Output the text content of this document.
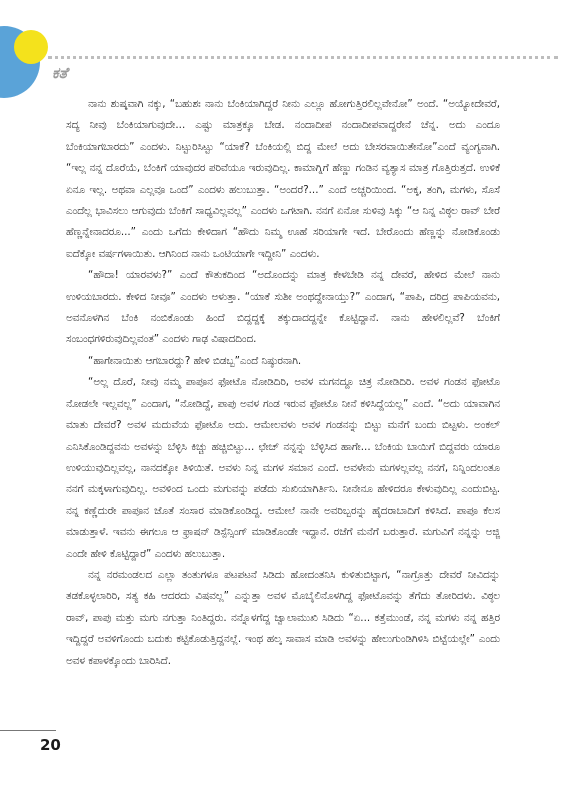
ಕತೆ

ನಾನು ಶುಷ್ಕವಾಗಿ ನಕ್ಕು, “ಬಹುಶಃ ನಾನು ಬೆಂಕಿಯಾಗಿದ್ದರೆ ನೀನು ಎಲ್ಲೂ ಹೋಗುತ್ತಿರಲಿಲ್ಲವೇನೋ” ಅಂದೆ. “ಅಯ್ಯೋದೇವರೆ, ಸದ್ಯ ನೀವು ಬೆಂಕಿಯಾಗುವುದೇ... ಎಷ್ಟು ಮಾತ್ರಕ್ಕೂ ಬೇಡ. ನಂದಾದೀಪ ನಂದಾದೀಪವಾದ್ದರೇನೆ ಚೆನ್ನ. ಅದು ಎಂದೂ ಬೆಂಕಿಯಾಗಬಾರದು” ಎಂದಳು. ನಿಟ್ಟುರಿಸಿಟ್ಟು “ಯಾಕೆ? ಬೆಂಕಿಯಲ್ಲಿ ಬಿದ್ದ ಮೇಲೆ ಅದು ಬೇಸರವಾಯಿತೇನೋ”ಎಂದೆ ವ್ಯಂಗ್ಯವಾಗಿ. “ಇಲ್ಲ ನನ್ನ ದೊರೆಯೆ, ಬೆಂಕಿಗೆ ಯಾವುದರ ಪರಿವೆಯೂ ಇರುವುದಿಲ್ಲ. ಕಾಮಾಗ್ನಿಗೆ ಹೆಣ್ಣು ಗಂಡಿನ ವ್ಯತ್ಯಾಸ ಮಾತ್ರ ಗೊತ್ತಿರುತ್ತದೆ. ಉಳಿಕೆ ಏನೂ ಇಲ್ಲ. ಅಥವಾ ಎಲ್ಲವೂ ಒಂದೆ” ಎಂದಳು ಹಲುಬುತ್ತಾ. “ಅಂದರೆ?...” ಎಂದೆ ಅಚ್ಚರಿಯಿಂದ. “ಅಕ್ಕ, ತಂಗಿ, ಮಗಳು, ಸೊಸೆ ಎಂದೆಲ್ಲ ಭಾವಿಸಲು ಆಗುವುದು ಬೆಂಕಿಗೆ ಸಾಧ್ಯವಿಲ್ಲವಲ್ಲ” ಎಂದಳು ಒಗಟಾಗಿ. ನನಗೆ ಏನೋ ಸುಳಿವು ಸಿಕ್ಕು “ಆ ನಿನ್ನ ವಿಠ್ಠಲ ರಾವ್ ಬೇರೆ ಹೆಣ್ಣನ್ನೇನಾದರೂ...” ಎಂದು ಒಗೆದು ಕೇಳಿದಾಗ “ಹೌದು ನಿಮ್ಮ ಊಹೆ ಸರಿಯಾಗೇ ಇದೆ. ಬೇರೊಂದು ಹೆಣ್ಣನ್ನು ನೋಡಿಕೊಂಡು ಐದೆಕ್ಕೋ ವರ್ಷಗಳಾಯಿತು. ಆಗಿನಿಂದ ನಾನು ಒಂಟಿಯಾಗೇ ಇದ್ದೀನಿ” ಎಂದಳು.

“ಹೌದಾ! ಯಾರವಳು?” ಎಂದೆ ಕೌತುಕದಿಂದ “ಅದೊಂದನ್ನು ಮಾತ್ರ ಕೇಳಬೇಡಿ ನನ್ನ ದೇವರೆ, ಹೇಳಿದ ಮೇಲೆ ನಾನು ಉಳಿಯಬಾರದು. ಕೇಳಿದ ನೀವೂ” ಎಂದಳು ಅಳುತ್ತಾ. “ಯಾಕೆ ಸುಶೀ ಅಂಥದ್ದೇನಾಯ್ತು?” ಎಂದಾಗ, “ಪಾಪಿ, ದರಿದ್ರ ಪಾಪಿಯವನು, ಅವನೊಳಗಿನ ಬೆಂಕಿ ನಂಬಿಕೊಂಡು ಹಿಂದೆ ಬಿದ್ದದ್ದಕ್ಕೆ ತಕ್ಕುದಾದದ್ದನ್ನೇ ಕೊಟ್ಟಿದ್ದಾನೆ. ನಾನು ಹೇಳಲಿಲ್ಲವೆ? ಬೆಂಕಿಗೆ ಸಂಬಂಧಗಳಿರುವುದಿಲ್ಲವಂತ” ಎಂದಳು ಗಾಢ ವಿಷಾದದಿಂದ.

“ಹಾಗೇನಾಯಿತು ಆಗಬಾರದ್ದು? ಹೇಳಿ ಬಿಡಬ್ಬ”ಎಂದೆ ನಿಷ್ಠುರನಾಗಿ.

“ಅಲ್ಲ ದೊರೆ, ನೀವು ನಮ್ಮ ಪಾಪೂನ ಫೋಟೊ ನೋಡಿದಿರಿ, ಅವಳ ಮಗನದ್ದೂ ಚಿತ್ರ ನೋಡಿದಿರಿ. ಅವಳ ಗಂಡನ ಫೋಟೊ ನೋಡಲೇ ಇಲ್ಲವಲ್ಲ” ಎಂದಾಗ, “ನೋಡಿದ್ದೆ, ಪಾಪು ಅವಳ ಗಂಡ ಇರುವ ಫೋಟೊ ನೀನೆ ಕಳಿಸಿದ್ದೆಯಲ್ಲ” ಎಂದೆ. “ಅದು ಯಾವಾಗಿನ ಮಾತು ದೇವರೆ? ಅವಳ ಮದುವೆಯ ಫೋಟೊ ಅದು. ಆಮೇಲವಳು ಅವಳ ಗಂಡನನ್ನು ಬಿಟ್ಟು ಮನೆಗೆ ಬಂದು ಬಿಟ್ಟಳು. ಅಂಕಲ್ ಎನಿಸಿಕೊಂಡಿದ್ದವನು ಅವಳನ್ನು ಬೆಳ್ಳಿಸಿ ಕಿಚ್ಚು ಹಚ್ಚಿಬಿಟ್ಟು... ಛೇಚ್ ನನ್ನನ್ನು ಬೆಳ್ಳಿಸಿದ ಹಾಗೇ... ಬೆಂಕಿಯ ಬಾಯಿಗೆ ಬಿದ್ದವರು ಯಾರೂ ಉಳಿಯುವುದಿಲ್ಲವಲ್ಲ, ನಾನದಕ್ಕೋ ತಿಳಿಯಿತೆ. ಅವಳು ನಿನ್ನ ಮಗಳ ಸಮಾನ ಎಂದೆ. ಅವಳೇನು ಮಗಳಲ್ಲವಲ್ಲ ನನಗೆ, ನಿನ್ನಿಂದಲಂತೂ ನನಗೆ ಮಕ್ಕಳಾಗುವುದಿಲ್ಲ. ಅವಳಿಂದ ಒಂದು ಮಗುವನ್ನು ಪಡೆದು ಸುಖಿಯಾಗಿರ್ತಿನಿ. ನೀನೇನೂ ಹೇಳಿದರೂ ಕೇಳುವುದಿಲ್ಲ ಎಂದುಬಿಟ್ಟ. ನನ್ನ ಕಣ್ಣೆದುರೇ ಪಾಪೂನ ಜೊತೆ ಸಂಸಾರ ಮಾಡಿಕೊಂಡಿದ್ದ. ಆಮೇಲೆ ನಾನೇ ಅವರಿಬ್ಬರನ್ನು ಹೈದರಾಬಾದಿಗೆ ಕಳಿಸಿದೆ. ಪಾಪೂ ಕೆಲಸ ಮಾಡುತ್ತಾಳೆ. ಇವನು ಈಗಲೂ ಆ ಫ್ರಾಷನ್ ಡಿಸ್ಪೆನ್ಸಿಂಗ್ ಮಾಡಿಕೊಂಡೇ ಇದ್ದಾನೆ. ರಜೆಗೆ ಮನೆಗೆ ಬರುತ್ತಾರೆ. ಮಗುವಿಗೆ ನನ್ನನ್ನು ಅಜ್ಜಿ ಎಂದೇ ಹೇಳಿ ಕೊಟ್ಟಿದ್ದಾರೆ” ಎಂದಳು ಹಲುಬುತ್ತಾ.

ನನ್ನ ನರಮಂಡಲದ ಎಲ್ಲಾ ತಂತುಗಳೂ ಪಟಪಟನೆ ಸಿಡಿದು ಹೋದಂತನಿಸಿ ಕುಳಿತುಬಿಟ್ಟಾಗ, “ನಾಗ್ರೊತ್ತು ದೇವರೆ ನೀವಿದನ್ನು ತಡಕೊಳ್ಳಲಾರಿರಿ, ಸತ್ಯ ಕಹಿ ಆದರದು ವಿಷವಲ್ಲ” ಎನ್ನುತ್ತಾ ಅವಳ ಮೊಬೈಲಿನೊಳಗಿದ್ದ ಫೋಟೊವನ್ನು ತೆಗೆದು ತೋರಿದಳು. ವಿಠ್ಠಲ ರಾವ್, ಪಾಪು ಮತ್ತು ಮಗು ನಗುತ್ತಾ ನಿಂತಿದ್ದರು. ನನ್ನೊಳಗೆದ್ದ ಜ್ವಾಲಾಮುಖಿ ಸಿಡಿದು “ಏ... ಕತ್ತೆಮುಂಡೆ, ನನ್ನ ಮಗಳು ನನ್ನ ಹತ್ತಿರ ಇದ್ದಿದ್ದರೆ ಅವಳಿಗೊಂದು ಬದುಕು ಕಟ್ಟಿಕೊಡುತ್ತಿದ್ದನಲ್ಲೆ. ಇಂಥ ಹಲ್ಕ ಸಾವಾಸ ಮಾಡಿ ಅವಳನ್ನು ಹೇಲುಗುಂಡಿಗಿಳಿಸಿ ಬಿಟ್ಟೆಯಲ್ಲೇ” ಎಂದು ಅವಳ ಕಪಾಳಕ್ಕೊಂದು ಬಾರಿಸಿದೆ.

20
